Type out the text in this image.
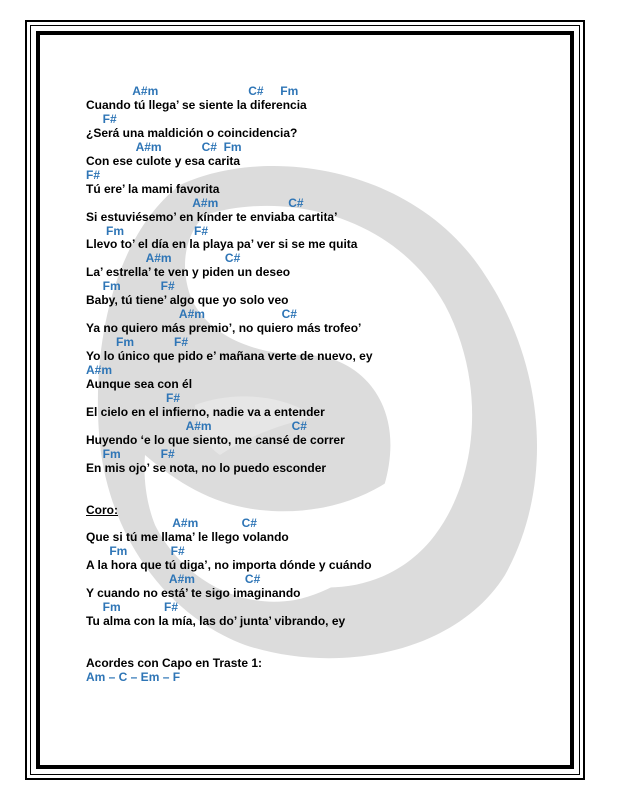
A#m                           C#     Fm
Cuando tú llega’ se siente la diferencia
F#
¿Será una maldición o coincidencia?
A#m            C#  Fm
Con ese culote y esa carita
F#
Tú ere’ la mami favorita
A#m                     C#
Si estuviésemo’ en kínder te enviaba cartita’
Fm                     F#
Llevo to’ el día en la playa pa’ ver si se me quita
A#m                C#
La’ estrella’ te ven y piden un deseo
Fm            F#
Baby, tú tiene’ algo que yo solo veo
A#m                       C#
Ya no quiero más premio’, no quiero más trofeo’
Fm            F#
Yo lo único que pido e’ mañana verte de nuevo, ey
A#m
Aunque sea con él
F#
El cielo en el infierno, nadie va a entender
A#m                        C#
Huyendo ‘e lo que siento, me cansé de correr
Fm            F#
En mis ojo’ se nota, no lo puedo esconder
Coro:
A#m             C#
Que si tú me llama’ le llego volando
Fm             F#
A la hora que tú diga’, no importa dónde y cuándo
A#m               C#
Y cuando no está’ te sigo imaginando
Fm             F#
Tu alma con la mía, las do’ junta’ vibrando, ey
Acordes con Capo en Traste 1:
Am – C – Em – F
